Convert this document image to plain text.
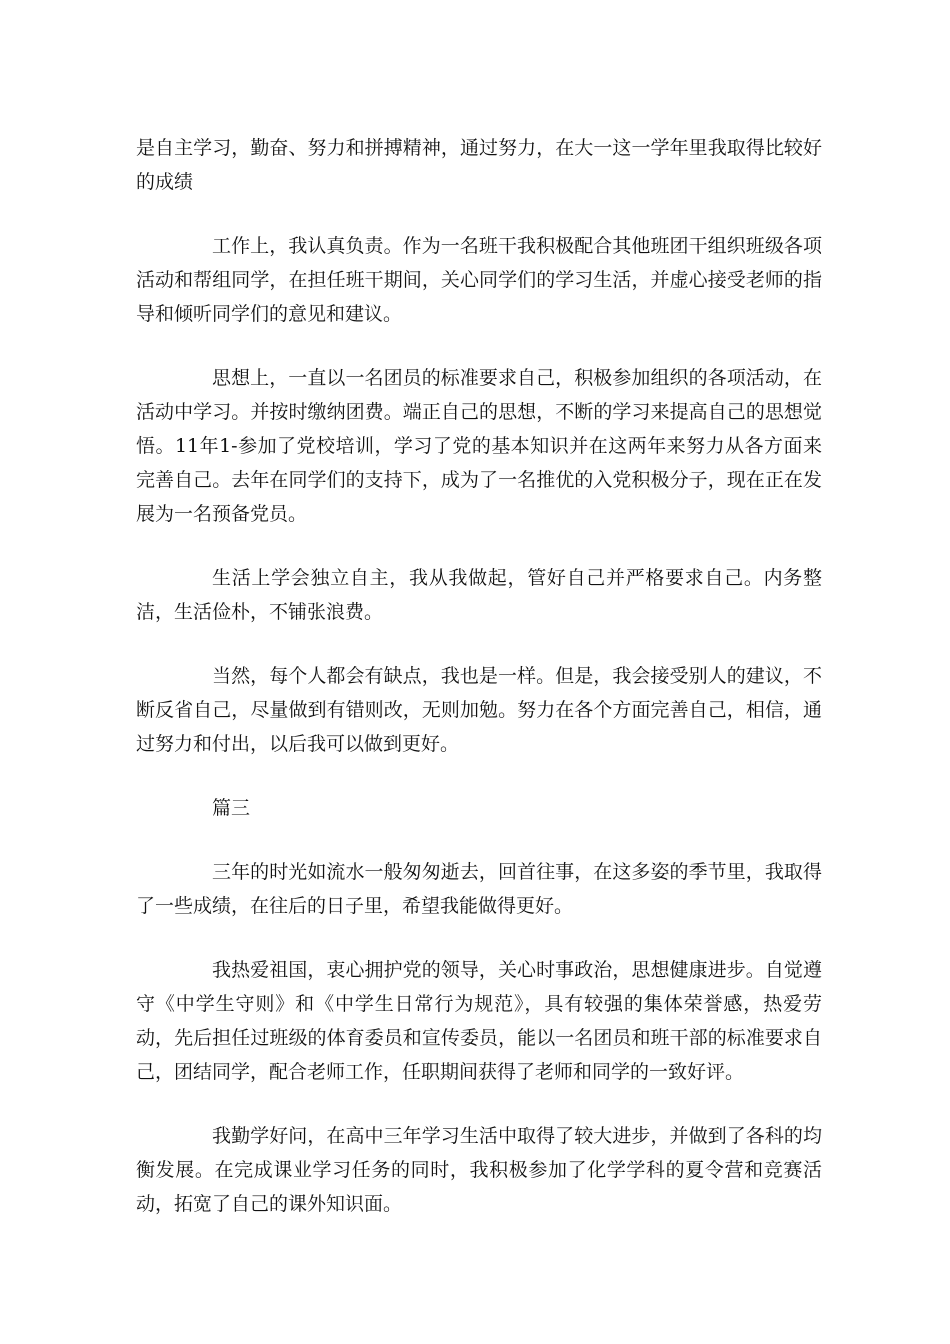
是自主学习，勤奋、努力和拼搏精神，通过努力，在大一这一学年里我取得比较好的成绩

工作上，我认真负责。作为一名班干我积极配合其他班团干组织班级各项活动和帮组同学，在担任班干期间，关心同学们的学习生活，并虚心接受老师的指导和倾听同学们的意见和建议。

思想上，一直以一名团员的标准要求自己，积极参加组织的各项活动，在活动中学习。并按时缴纳团费。端正自己的思想，不断的学习来提高自己的思想觉悟。11年1-参加了党校培训，学习了党的基本知识并在这两年来努力从各方面来完善自己。去年在同学们的支持下，成为了一名推优的入党积极分子，现在正在发展为一名预备党员。

生活上学会独立自主，我从我做起，管好自己并严格要求自己。内务整洁，生活俭朴，不铺张浪费。

当然，每个人都会有缺点，我也是一样。但是，我会接受别人的建议，不断反省自己，尽量做到有错则改，无则加勉。努力在各个方面完善自己，相信，通过努力和付出，以后我可以做到更好。

篇三

三年的时光如流水一般匆匆逝去，回首往事，在这多姿的季节里，我取得了一些成绩，在往后的日子里，希望我能做得更好。

我热爱祖国，衷心拥护党的领导，关心时事政治，思想健康进步。自觉遵守《中学生守则》和《中学生日常行为规范》，具有较强的集体荣誉感，热爱劳动，先后担任过班级的体育委员和宣传委员，能以一名团员和班干部的标准要求自己，团结同学，配合老师工作，任职期间获得了老师和同学的一致好评。

我勤学好问，在高中三年学习生活中取得了较大进步，并做到了各科的均衡发展。在完成课业学习任务的同时，我积极参加了化学学科的夏令营和竞赛活动，拓宽了自己的课外知识面。
